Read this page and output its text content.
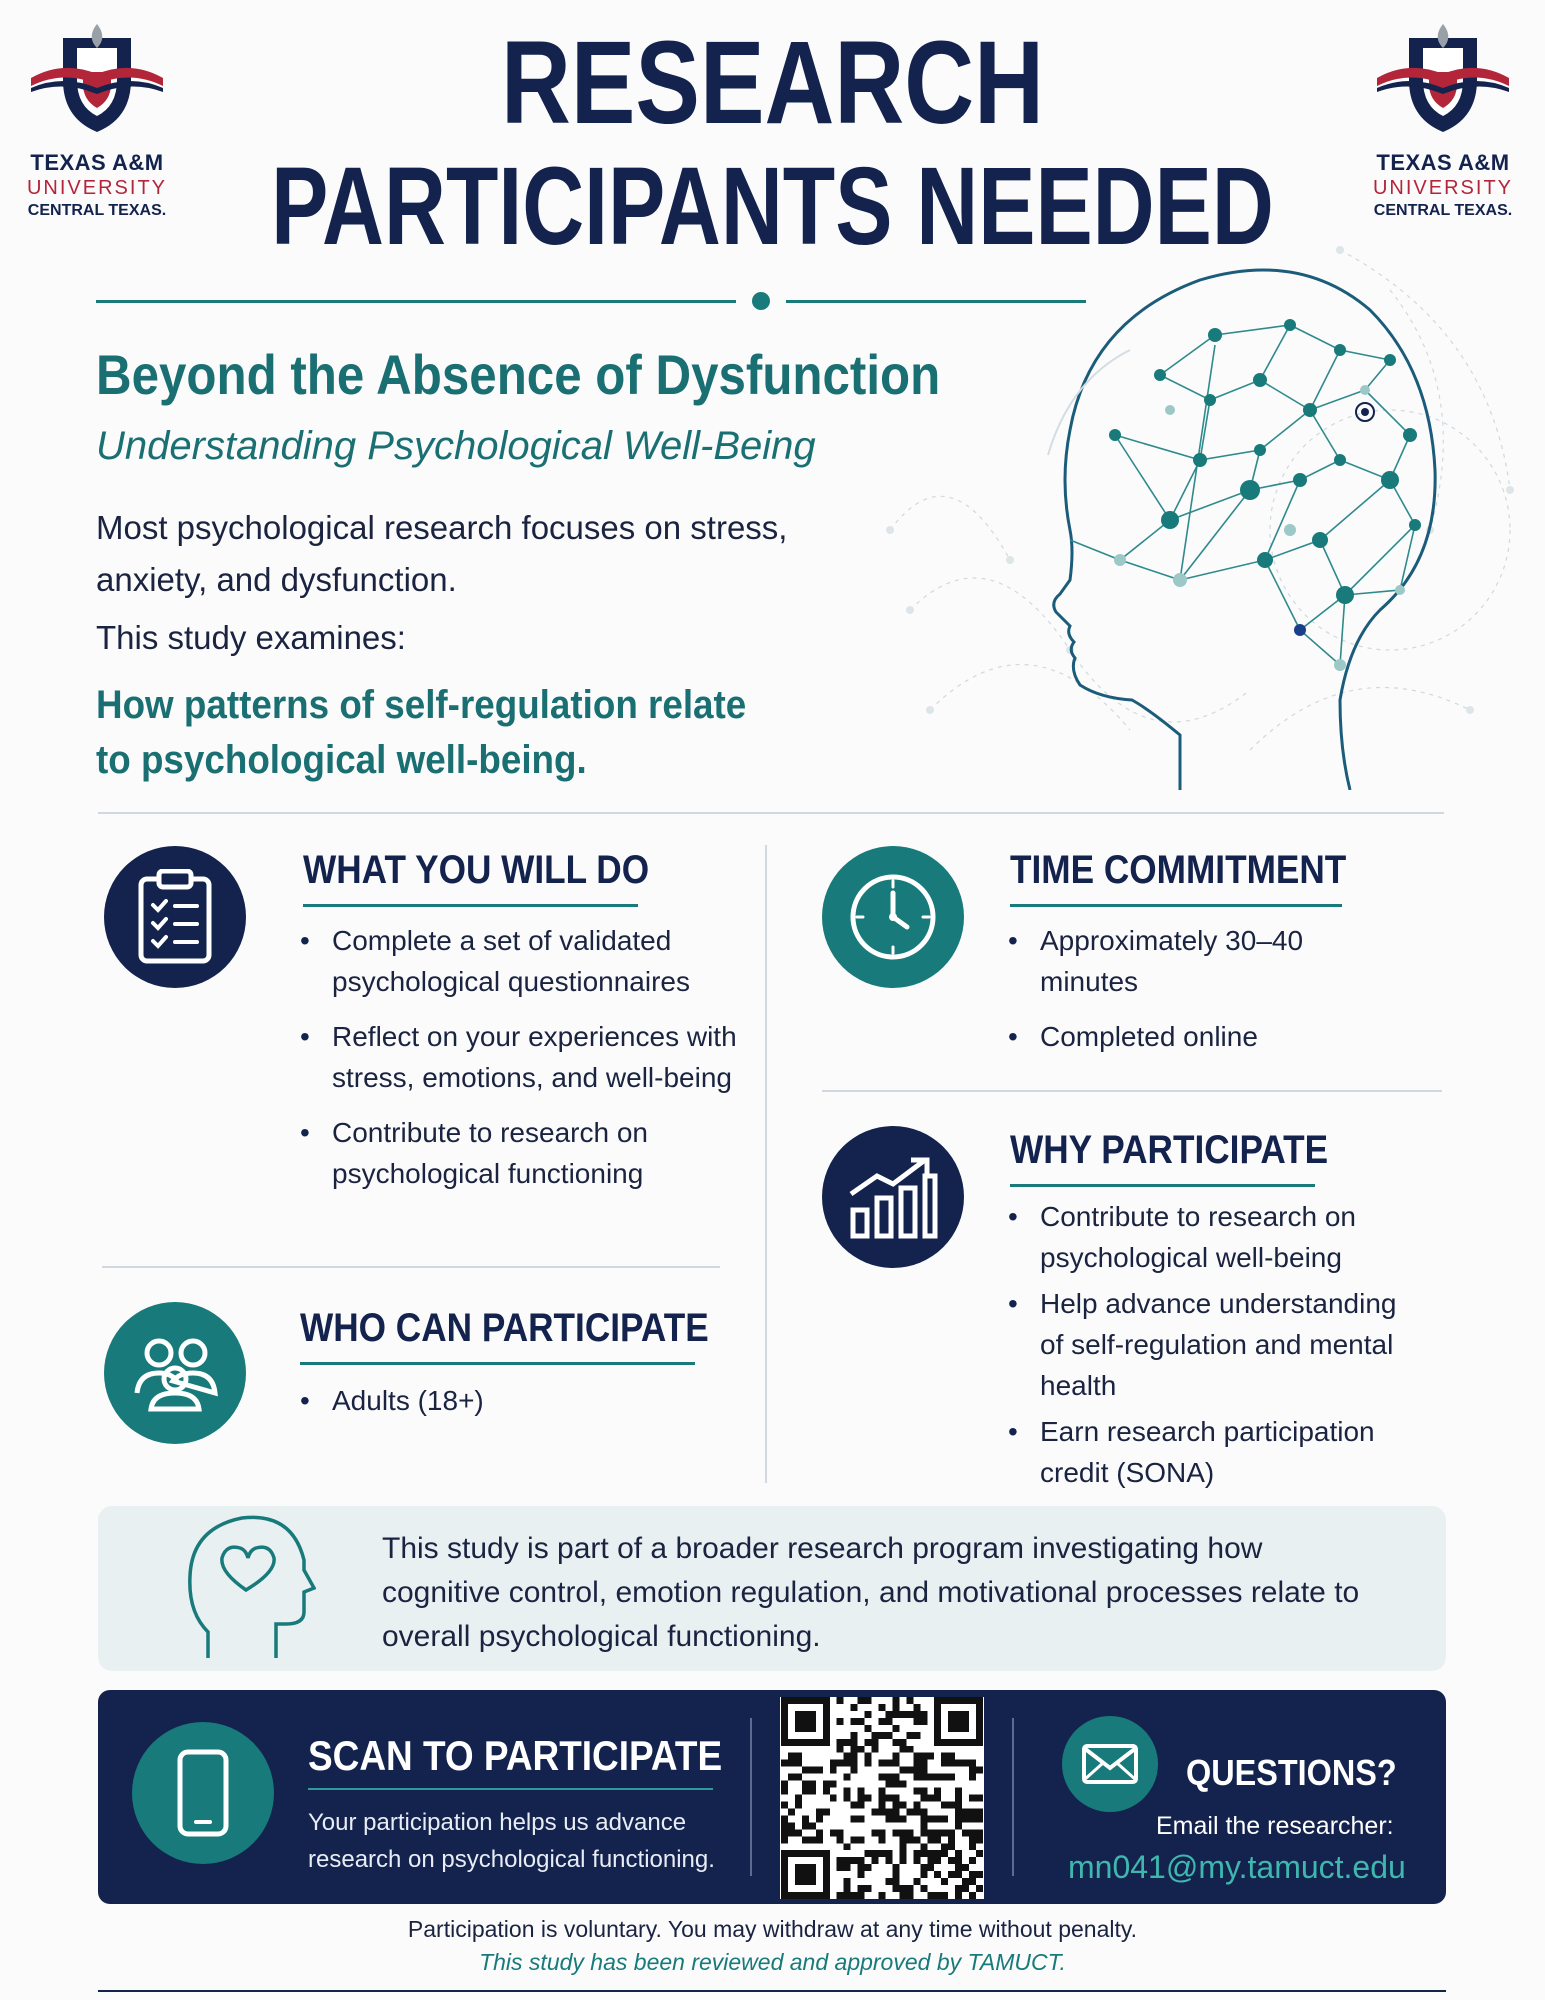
TEXAS A&M
UNIVERSITY
CENTRAL TEXAS.
TEXAS A&M
UNIVERSITY
CENTRAL TEXAS.
RESEARCH
PARTICIPANTS NEEDED
Beyond the Absence of Dysfunction
Understanding Psychological Well-Being
Most psychological research focuses on stress,
anxiety, and dysfunction.
This study examines:
How patterns of self-regulation relate
to psychological well-being.
WHAT YOU WILL DO
• Complete a set of validated psychological questionnaires
• Reflect on your experiences with stress, emotions, and well-being
• Contribute to research on psychological functioning
WHO CAN PARTICIPATE
• Adults (18+)
TIME COMMITMENT
• Approximately 30–40 minutes
• Completed online
WHY PARTICIPATE
• Contribute to research on psychological well-being
• Help advance understanding of self-regulation and mental health
• Earn research participation credit (SONA)
This study is part of a broader research program investigating how cognitive control, emotion regulation, and motivational processes relate to overall psychological functioning.
SCAN TO PARTICIPATE
Your participation helps us advance research on psychological functioning.
QUESTIONS?
Email the researcher:
mn041@my.tamuct.edu
Participation is voluntary. You may withdraw at any time without penalty.
This study has been reviewed and approved by TAMUCT.
